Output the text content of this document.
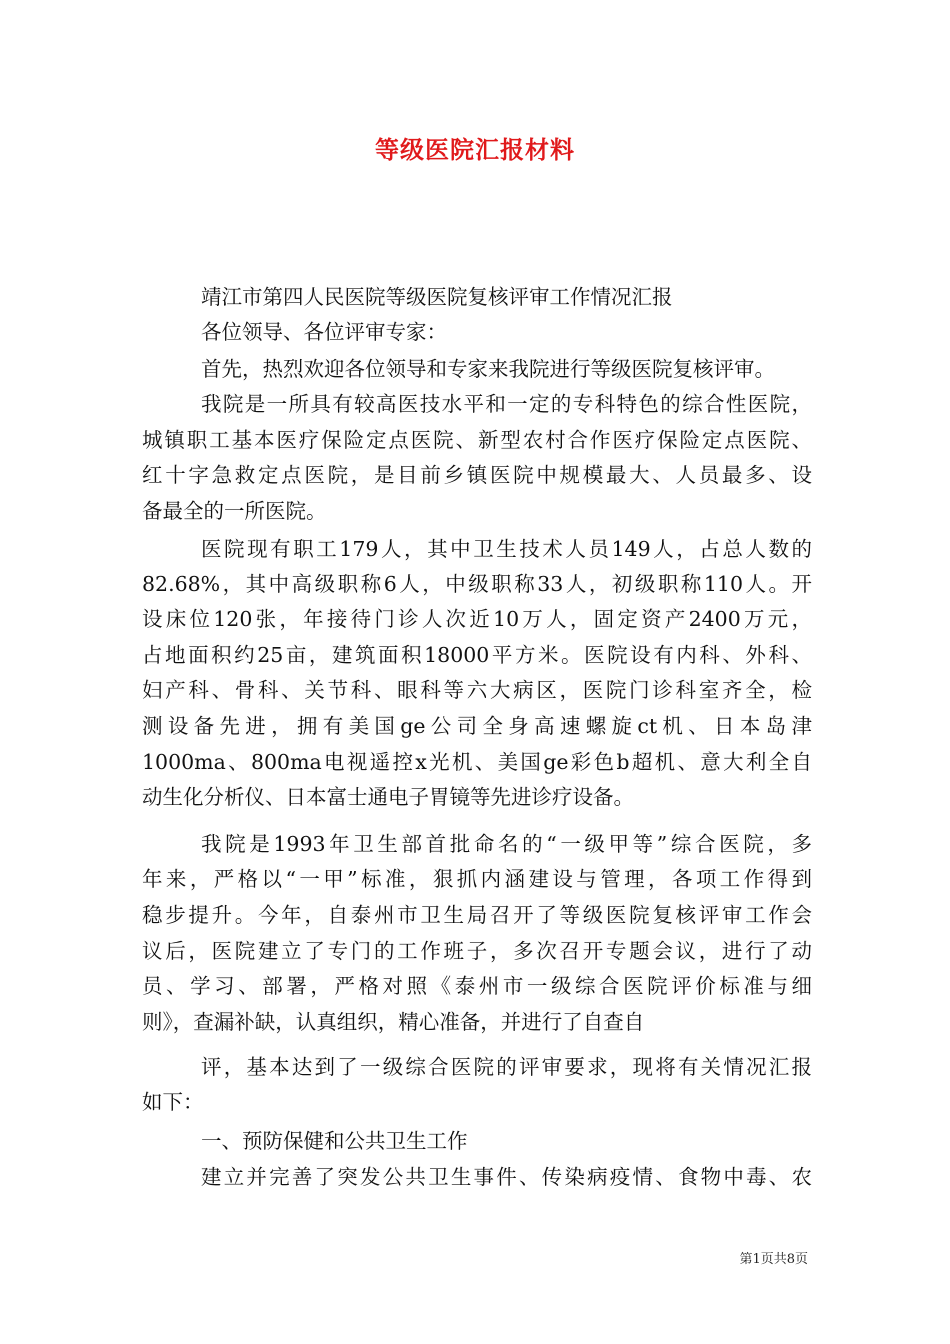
等级医院汇报材料
靖江市第四人民医院等级医院复核评审工作情况汇报
各位领导、各位评审专家：
首先，热烈欢迎各位领导和专家来我院进行等级医院复核评审。
我院是一所具有较高医技水平和一定的专科特色的综合性医院，
城镇职工基本医疗保险定点医院、新型农村合作医疗保险定点医院、
红十字急救定点医院，是目前乡镇医院中规模最大、人员最多、设
备最全的一所医院。
医院现有职工179人，其中卫生技术人员149人，占总人数的
82.68%，其中高级职称6人，中级职称33人，初级职称110人。开
设床位120张，年接待门诊人次近10万人，固定资产2400万元，
占地面积约25亩，建筑面积18000平方米。医院设有内科、外科、
妇产科、骨科、关节科、眼科等六大病区，医院门诊科室齐全，检
测设备先进，拥有美国ge公司全身高速螺旋ct机、日本岛津
1000ma、800ma电视遥控x光机、美国ge彩色b超机、意大利全自
动生化分析仪、日本富士通电子胃镜等先进诊疗设备。
我院是1993年卫生部首批命名的“一级甲等”综合医院，多
年来，严格以“一甲”标准，狠抓内涵建设与管理，各项工作得到
稳步提升。今年，自泰州市卫生局召开了等级医院复核评审工作会
议后，医院建立了专门的工作班子，多次召开专题会议，进行了动
员、学习、部署，严格对照《泰州市一级综合医院评价标准与细
则》，查漏补缺，认真组织，精心准备，并进行了自查自
评，基本达到了一级综合医院的评审要求，现将有关情况汇报
如下：
一、预防保健和公共卫生工作
建立并完善了突发公共卫生事件、传染病疫情、食物中毒、农
第1页共8页
